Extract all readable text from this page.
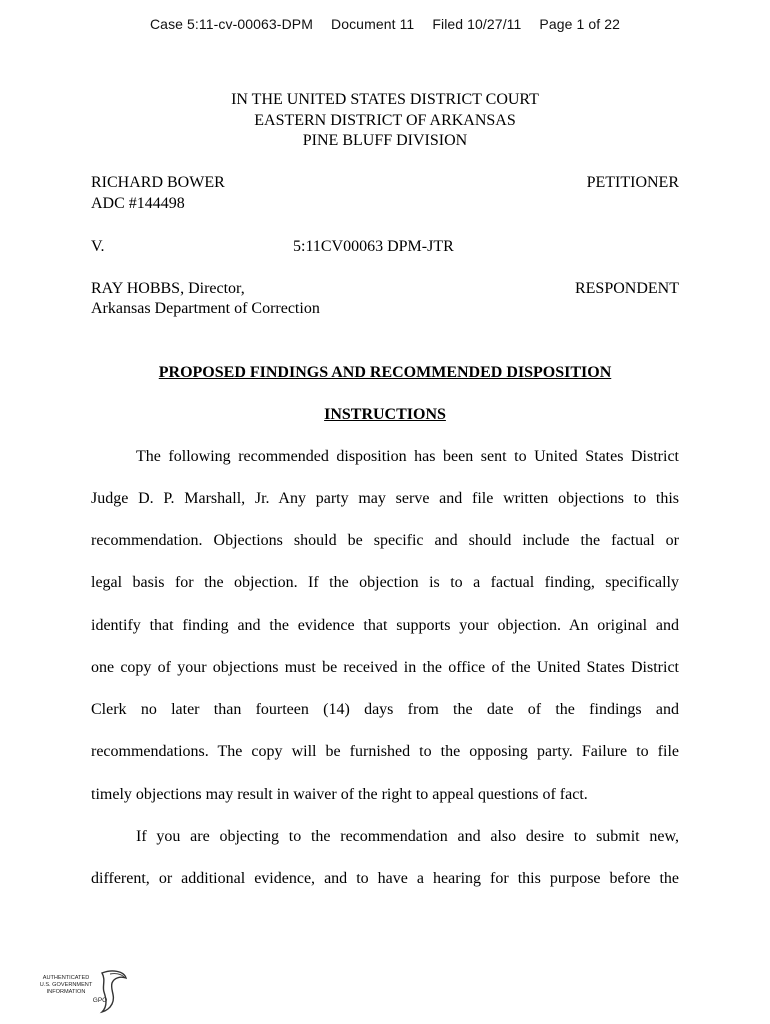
Case 5:11-cv-00063-DPM Document 11 Filed 10/27/11 Page 1 of 22
IN THE UNITED STATES DISTRICT COURT
EASTERN DISTRICT OF ARKANSAS
PINE BLUFF DIVISION
RICHARD BOWER
ADC #144498
PETITIONER
V.	5:11CV00063 DPM-JTR
RAY HOBBS, Director,
Arkansas Department of Correction
RESPONDENT
PROPOSED FINDINGS AND RECOMMENDED DISPOSITION
INSTRUCTIONS
The following recommended disposition has been sent to United States District
Judge D. P. Marshall, Jr. Any party may serve and file written objections to this
recommendation. Objections should be specific and should include the factual or
legal basis for the objection. If the objection is to a factual finding, specifically
identify that finding and the evidence that supports your objection. An original and
one copy of your objections must be received in the office of the United States District
Clerk no later than fourteen (14) days from the date of the findings and
recommendations. The copy will be furnished to the opposing party. Failure to file
timely objections may result in waiver of the right to appeal questions of fact.
If you are objecting to the recommendation and also desire to submit new,
different, or additional evidence, and to have a hearing for this purpose before the
AUTHENTICATED
U.S. GOVERNMENT
INFORMATION
GPO
